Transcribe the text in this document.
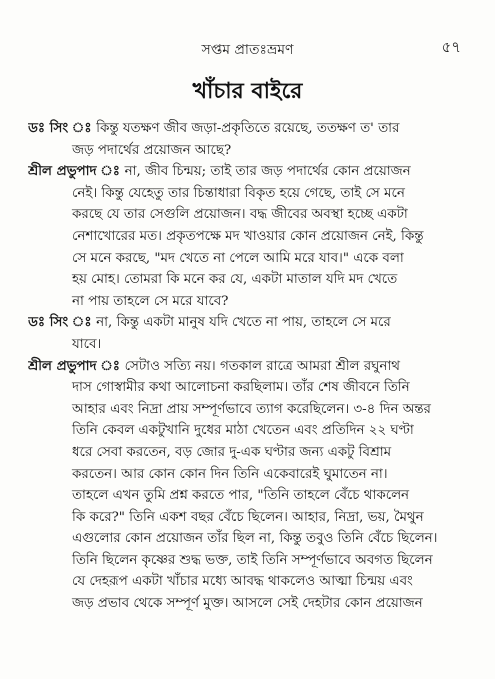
সপ্তম প্রাতঃভ্রমণ	৫৭
খাঁচার বাইরে
ডঃ সিং ঃ কিন্তু যতক্ষণ জীব জড়া-প্রকৃতিতে রয়েছে, ততক্ষণ ত' তার
জড় পদার্থের প্রয়োজন আছে?
শ্রীল প্রভুপাদ ঃ না, জীব চিন্ময়; তাই তার জড় পদার্থের কোন প্রয়োজন
নেই। কিন্তু যেহেতু তার চিন্তাধারা বিকৃত হয়ে গেছে, তাই সে মনে
করছে যে তার সেগুলি প্রয়োজন। বদ্ধ জীবের অবস্থা হচ্ছে একটা
নেশাখোরের মত। প্রকৃতপক্ষে মদ খাওয়ার কোন প্রয়োজন নেই, কিন্তু
সে মনে করছে, "মদ খেতে না পেলে আমি মরে যাব।" একে বলা
হয় মোহ। তোমরা কি মনে কর যে, একটা মাতাল যদি মদ খেতে
না পায় তাহলে সে মরে যাবে?
ডঃ সিং ঃ না, কিন্তু একটা মানুষ যদি খেতে না পায়, তাহলে সে মরে
যাবে।
শ্রীল প্রভুপাদ ঃ সেটাও সত্যি নয়। গতকাল রাত্রে আমরা শ্রীল রঘুনাথ
দাস গোস্বামীর কথা আলোচনা করছিলাম। তাঁর শেষ জীবনে তিনি
আহার এবং নিদ্রা প্রায় সম্পূর্ণভাবে ত্যাগ করেছিলেন। ৩-৪ দিন অন্তর
তিনি কেবল একটুখানি দুধের মাঠা খেতেন এবং প্রতিদিন ২২ ঘণ্টা
ধরে সেবা করতেন, বড় জোর দু-এক ঘণ্টার জন্য একটু বিশ্রাম
করতেন। আর কোন কোন দিন তিনি একেবারেই ঘুমাতেন না।
তাহলে এখন তুমি প্রশ্ন করতে পার, "তিনি তাহলে বেঁচে থাকলেন
কি করে?" তিনি একশ বছর বেঁচে ছিলেন। আহার, নিদ্রা, ভয়, মৈথুন
এগুলোর কোন প্রয়োজন তাঁর ছিল না, কিন্তু তবুও তিনি বেঁচে ছিলেন।
তিনি ছিলেন কৃষ্ণের শুদ্ধ ভক্ত, তাই তিনি সম্পূর্ণভাবে অবগত ছিলেন
যে দেহরূপ একটা খাঁচার মধ্যে আবদ্ধ থাকলেও আত্মা চিন্ময় এবং
জড় প্রভাব থেকে সম্পূর্ণ মুক্ত। আসলে সেই দেহটার কোন প্রয়োজন
